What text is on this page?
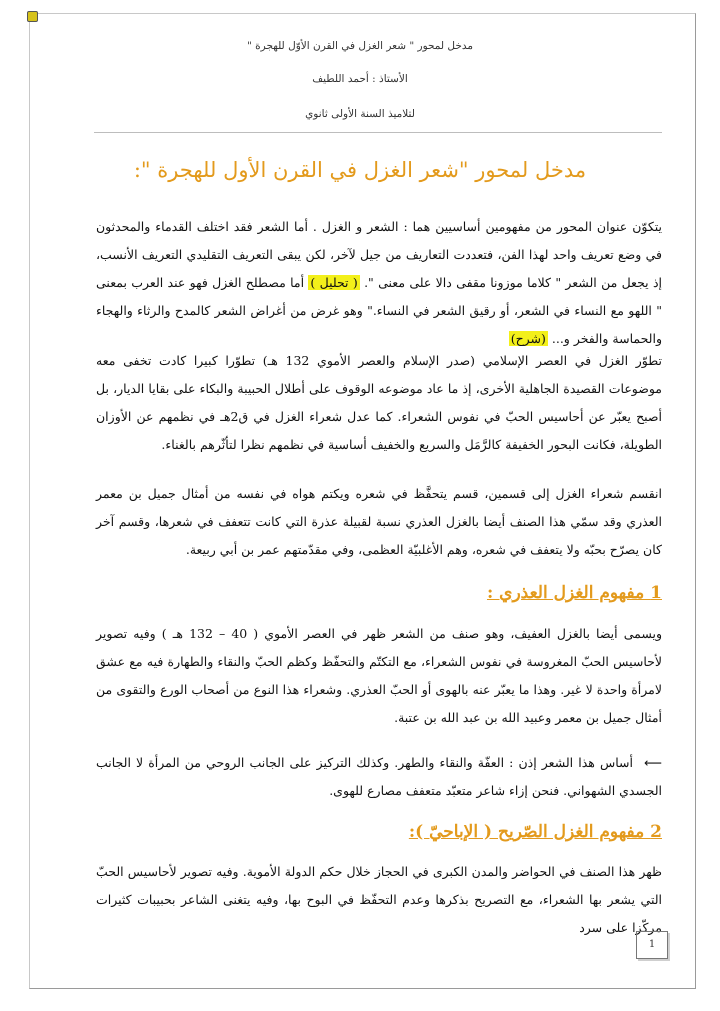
مدخل لمحور " شعر الغزل في القرن الأوّل للهجرة "
الأستاذ : أحمد اللطيف
لتلاميذ السنة الأولى ثانوي
مدخل لمحور "شعر الغزل في القرن الأول للهجرة ":
يتكوّن عنوان المحور من مفهومين أساسيين هما : الشعر و الغزل . أما الشعر فقد اختلف القدماء والمحدثون في وضع تعريف واحد لهذا الفن، فتعددت التعاريف من جيل لآخر، لكن يبقى التعريف التقليدي التعريف الأنسب، إذ يجعل من الشعر " كلاما موزونا مقفى دالا على معنى ". ( تحليل ) أما مصطلح الغزل فهو عند العرب بمعنى " اللهو مع النساء في الشعر، أو رقيق الشعر في النساء." وهو غرض من أغراض الشعر كالمدح والرثاء والهجاء والحماسة والفخر و... (شرح)
تطوّر الغزل في العصر الإسلامي (صدر الإسلام والعصر الأموي 132 هـ) تطوّرا كبيرا كادت تخفى معه موضوعات القصيدة الجاهلية الأخرى، إذ ما عاد موضوعه الوقوف على أطلال الحبيبة والبكاء على بقايا الديار، بل أصبح يعبّر عن أحاسيس الحبّ في نفوس الشعراء. كما عدل شعراء الغزل في ق2هـ في نظمهم عن الأوزان الطويلة، فكانت البحور الخفيفة كالرَّمَل والسريع والخفيف أساسية في نظمهم نظرا لتأثّرهم بالغناء.
انقسم شعراء الغزل إلى قسمين، قسم يتحفَّظ في شعره ويكتم هواه في نفسه من أمثال جميل بن معمر العذري وقد سمّي هذا الصنف أيضا بالغزل العذري نسبة لقبيلة عذرة التي كانت تتعفف في شعرها، وقسم آخر كان يصرّح بحبّه ولا يتعفف في شعره، وهم الأغلبيّة العظمى، وفي مقدّمتهم عمر بن أبي ربيعة.
1 مفهوم الغزل العذري :
ويسمى أيضا بالغزل العفيف، وهو صنف من الشعر ظهر في العصر الأموي ( 40 – 132 هـ ) وفيه تصوير لأحاسيس الحبّ المغروسة في نفوس الشعراء، مع التكتّم والتحفّظ وكظم الحبّ والنقاء والطهارة فيه مع عشق لامرأة واحدة لا غير. وهذا ما يعبّر عنه بالهوى أو الحبّ العذري. وشعراء هذا النوع من أصحاب الورع والتقوى من أمثال جميل بن معمر وعبيد الله بن عبد الله بن عتبة.
⟵ أساس هذا الشعر إذن : العفّة والنقاء والطهر. وكذلك التركيز على الجانب الروحي من المرأة لا الجانب الجسدي الشهواني. فنحن إزاء شاعر متعبّد متعفف مصارع للهوى.
2 مفهوم الغزل الصّريح ( الإباحيّ ):
ظهر هذا الصنف في الحواضر والمدن الكبرى في الحجاز خلال حكم الدولة الأموية. وفيه تصوير لأحاسيس الحبّ التي يشعر بها الشعراء، مع التصريح بذكرها وعدم التحفّظ في البوح بها، وفيه يتغنى الشاعر بحبيبات كثيرات مركّزا على سرد
1
